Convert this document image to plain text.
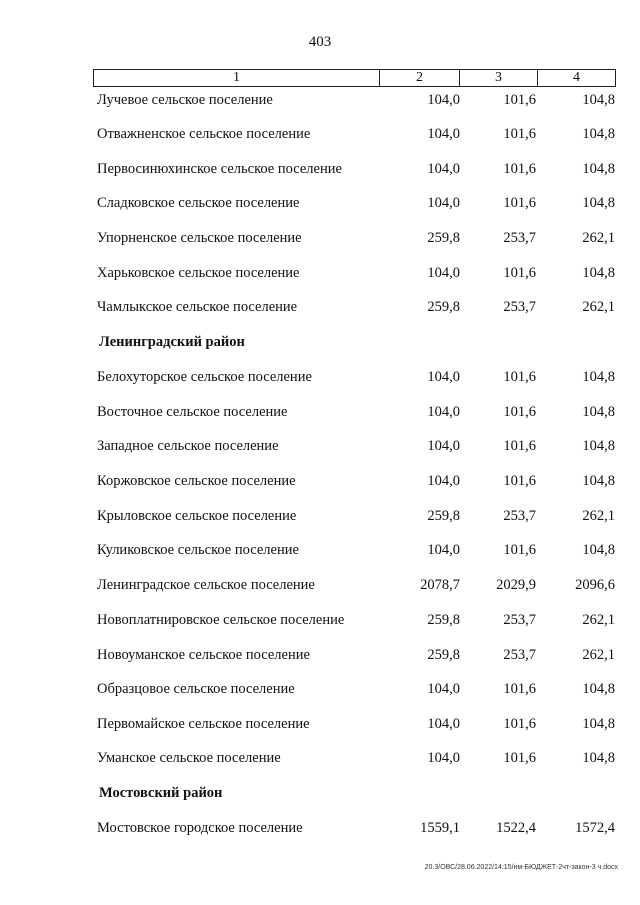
403
1	2	3	4
Лучевое сельское поселение	104,0	101,6	104,8
Отважненское сельское поселение	104,0	101,6	104,8
Первосинюхинское сельское поселение	104,0	101,6	104,8
Сладковское сельское поселение	104,0	101,6	104,8
Упорненское сельское поселение	259,8	253,7	262,1
Харьковское сельское поселение	104,0	101,6	104,8
Чамлыкское сельское поселение	259,8	253,7	262,1
Ленинградский район
Белохуторское сельское поселение	104,0	101,6	104,8
Восточное сельское поселение	104,0	101,6	104,8
Западное сельское поселение	104,0	101,6	104,8
Коржовское сельское поселение	104,0	101,6	104,8
Крыловское сельское поселение	259,8	253,7	262,1
Куликовское сельское поселение	104,0	101,6	104,8
Ленинградское сельское поселение	2078,7	2029,9	2096,6
Новоплатнировское сельское поселение	259,8	253,7	262,1
Новоуманское сельское поселение	259,8	253,7	262,1
Образцовое сельское поселение	104,0	101,6	104,8
Первомайское сельское поселение	104,0	101,6	104,8
Уманское сельское поселение	104,0	101,6	104,8
Мостовский район
Мостовское городское поселение	1559,1	1522,4	1572,4
20.3/ОВС/28.06.2022/14:15/нм-БЮДЖЕТ-2чт-закон-3 ч.docx
